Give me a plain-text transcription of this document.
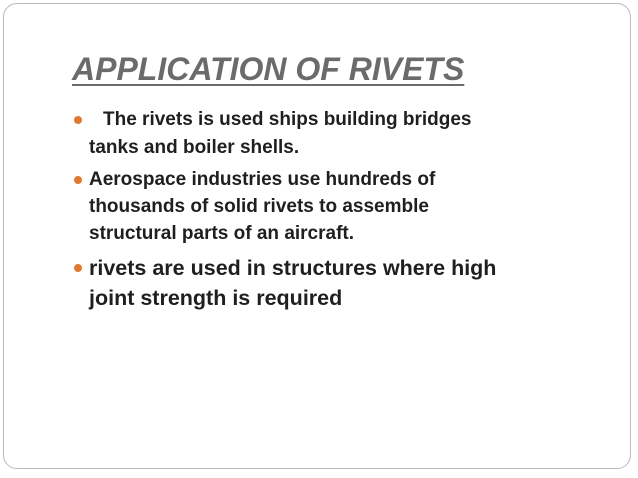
APPLICATION OF RIVETS
The rivets is used ships building bridges
tanks and boiler shells.
Aerospace industries use hundreds of
thousands of solid rivets to assemble
structural parts of an aircraft.
rivets are used in structures where high
joint strength is required
